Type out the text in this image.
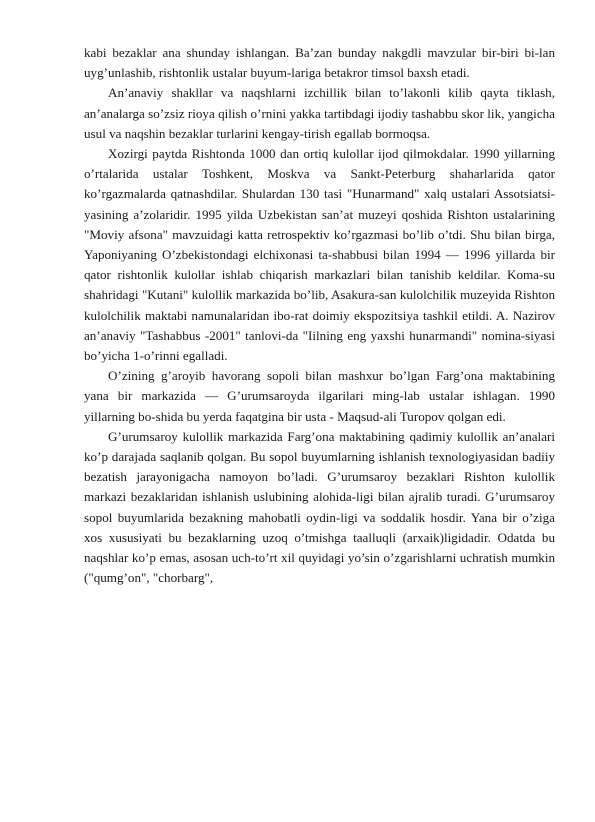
kabi bezaklar ana shunday ishlangan. Ba’zan bunday nakgdli mavzular bir-biri bi-lan uyg’unlashib, rishtonlik ustalar buyum-lariga betakror timsol baxsh etadi.

An’anaviy shakllar va naqshlarni izchillik bilan to’lakonli kilib qayta tiklash, an’analarga so’zsiz rioya qilish o’rnini yakka tartibdagi ijodiy tashabbu skor lik, yangicha usul va naqshin bezaklar turlarini kengay-tirish egallab bormoqsa.

Xozirgi paytda Rishtonda 1000 dan ortiq kulollar ijod qilmokdalar. 1990 yillarning o’rtalarida ustalar Toshkent, Moskva va Sankt-Peterburg shaharlarida qator ko’rgazmalarda qatnashdilar. Shulardan 130 tasi "Hunarmand" xalq ustalari Assotsiatsi-yasining a’zolaridir. 1995 yilda Uzbekistan san’at muzeyi qoshida Rishton ustalarining "Moviy afsona" mavzuidagi katta retrospektiv ko’rgazmasi bo’lib o’tdi. Shu bilan birga, Yaponiyaning O’zbekistondagi elchixonasi ta-shabbusi bilan 1994 — 1996 yillarda bir qator rishtonlik kulollar ishlab chiqarish markazlari bilan tanishib keldilar. Koma-su shahridagi "Kutani" kulollik markazida bo’lib, Asakura-san kulolchilik muzeyida Rishton kulolchilik maktabi namunalaridan ibo-rat doimiy ekspozitsiya tashkil etildi. A. Nazirov an’anaviy "Tashabbus -2001" tanlovi-da "Iilning eng yaxshi hunarmandi" nomina-siyasi bo’yicha 1-o’rinni egalladi.

O’zining g’aroyib havorang sopoli bilan mashxur bo’lgan Farg’ona maktabining yana bir markazida — G’urumsaroyda ilgarilari ming-lab ustalar ishlagan. 1990 yillarning bo-shida bu yerda faqatgina bir usta - Maqsud-ali Turopov qolgan edi.

G’urumsaroy kulollik markazida Farg’ona maktabining qadimiy kulollik an’analari ko’p darajada saqlanib qolgan. Bu sopol buyumlarning ishlanish texnologiyasidan badiiy bezatish jarayonigacha namoyon bo’ladi. G’urumsaroy bezaklari Rishton kulollik markazi bezaklaridan ishlanish uslubining alohida-ligi bilan ajralib turadi. G’urumsaroy sopol buyumlarida bezakning mahobatli oydin-ligi va soddalik hosdir. Yana bir o’ziga xos xususiyati bu bezaklarning uzoq o’tmishga taalluqli (arxaik)ligidadir. Odatda bu naqshlar ko’p emas, asosan uch-to’rt xil quyidagi yo’sin o’zgarishlarni uchratish mumkin ("qumg’on", "chorbarg",
